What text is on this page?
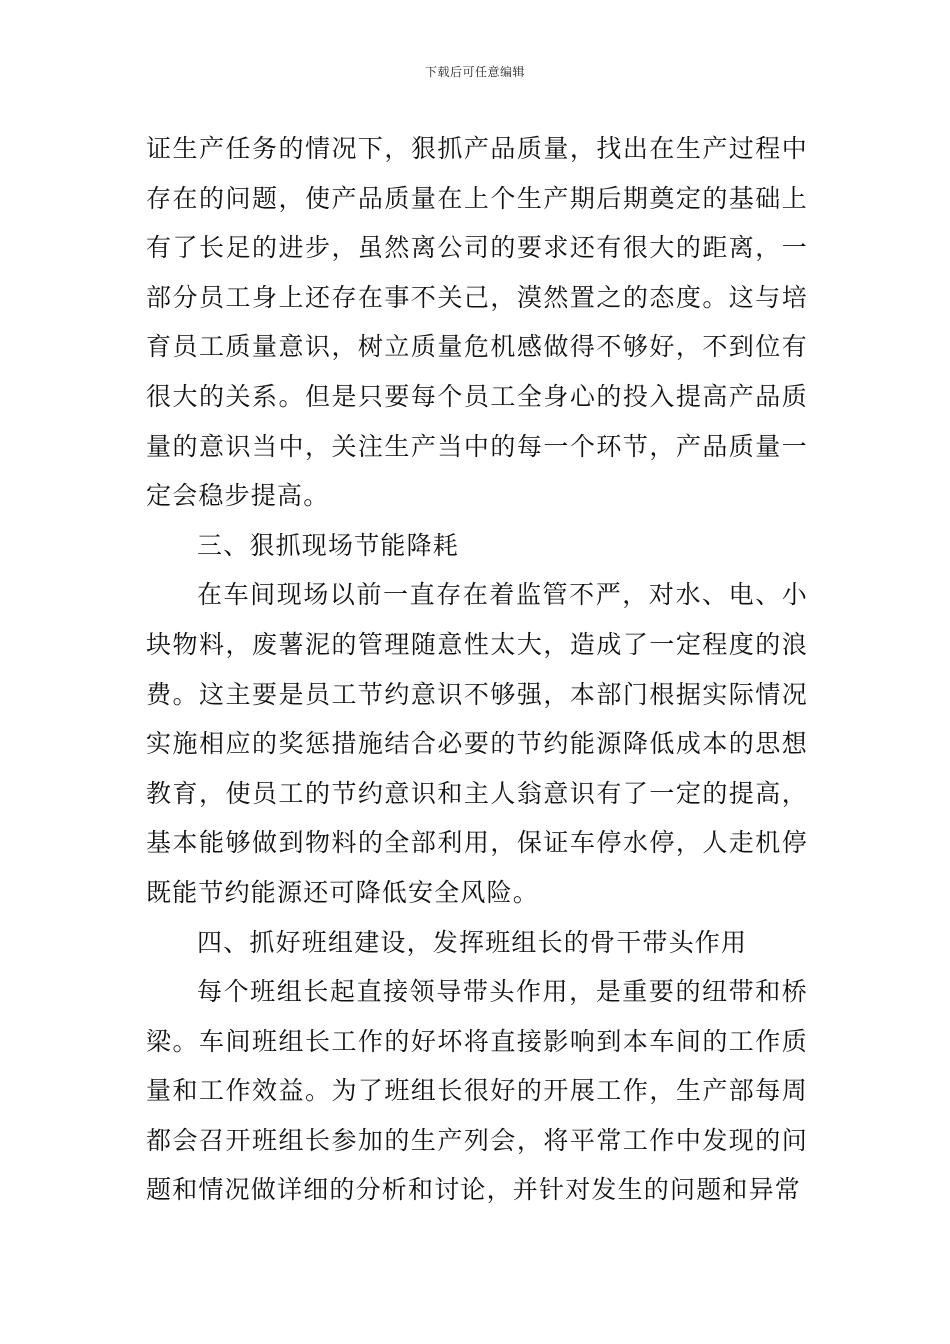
下载后可任意编辑

证生产任务的情况下，狠抓产品质量，找出在生产过程中存在的问题，使产品质量在上个生产期后期奠定的基础上有了长足的进步，虽然离公司的要求还有很大的距离，一部分员工身上还存在事不关己，漠然置之的态度。这与培育员工质量意识，树立质量危机感做得不够好，不到位有很大的关系。但是只要每个员工全身心的投入提高产品质量的意识当中，关注生产当中的每一个环节，产品质量一定会稳步提高。

三、狠抓现场节能降耗

在车间现场以前一直存在着监管不严，对水、电、小块物料，废薯泥的管理随意性太大，造成了一定程度的浪费。这主要是员工节约意识不够强，本部门根据实际情况实施相应的奖惩措施结合必要的节约能源降低成本的思想教育，使员工的节约意识和主人翁意识有了一定的提高，基本能够做到物料的全部利用，保证车停水停，人走机停既能节约能源还可降低安全风险。

四、抓好班组建设，发挥班组长的骨干带头作用

每个班组长起直接领导带头作用，是重要的纽带和桥梁。车间班组长工作的好坏将直接影响到本车间的工作质量和工作效益。为了班组长很好的开展工作，生产部每周都会召开班组长参加的生产列会，将平常工作中发现的问题和情况做详细的分析和讨论，并针对发生的问题和异常
